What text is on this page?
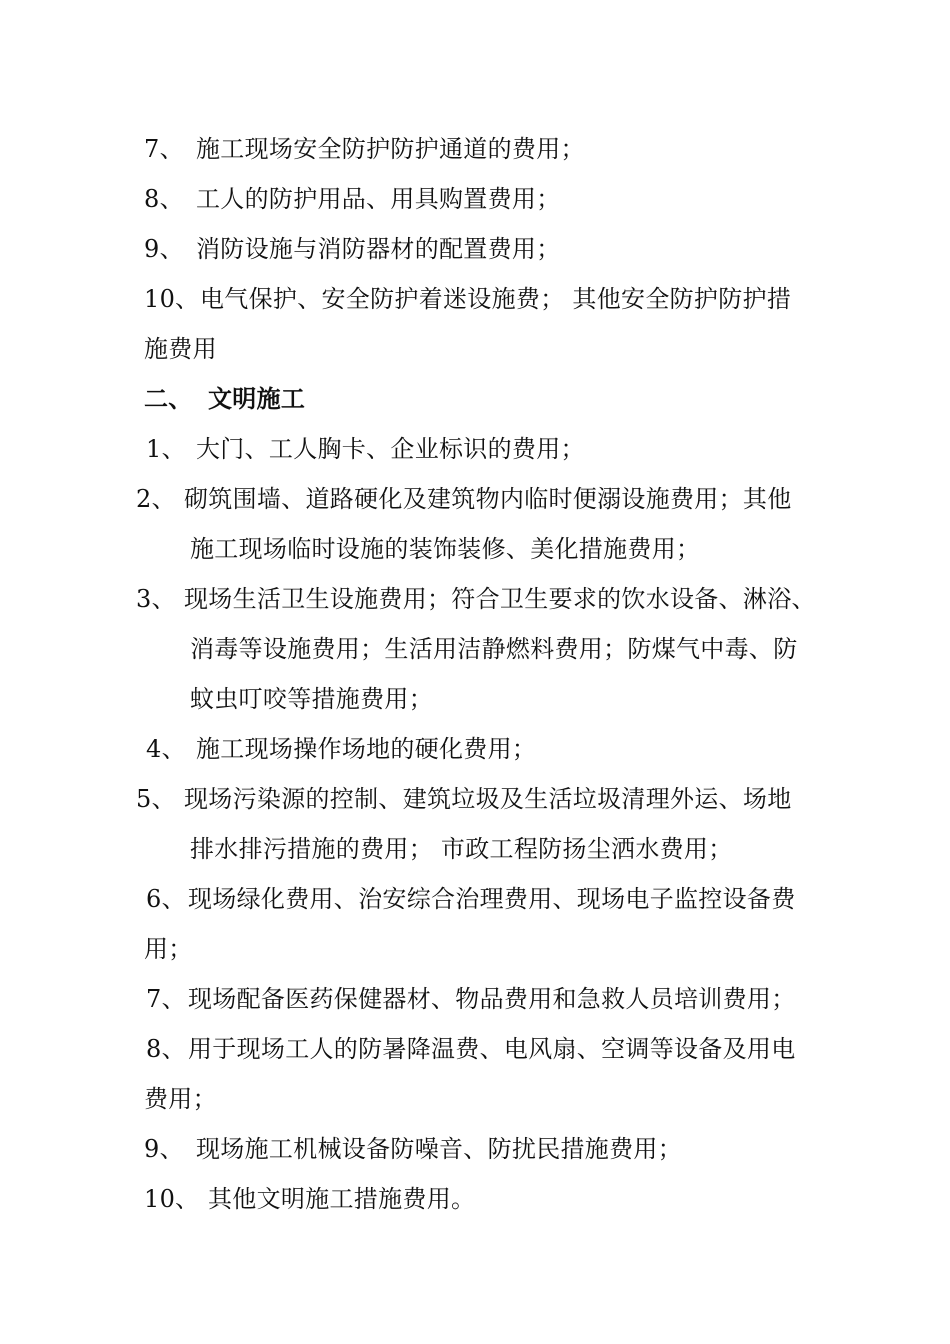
7、 施工现场安全防护防护通道的费用；
8、 工人的防护用品、用具购置费用；
9、 消防设施与消防器材的配置费用；
10、电气保护、安全防护着迷设施费； 其他安全防护防护措
施费用
二、 文明施工
1、 大门、工人胸卡、企业标识的费用；
2、 砌筑围墙、道路硬化及建筑物内临时便溺设施费用；其他
施工现场临时设施的装饰装修、美化措施费用；
3、 现场生活卫生设施费用；符合卫生要求的饮水设备、淋浴、
消毒等设施费用；生活用洁静燃料费用；防煤气中毒、防
蚊虫叮咬等措施费用；
4、 施工现场操作场地的硬化费用；
5、 现场污染源的控制、建筑垃圾及生活垃圾清理外运、场地
排水排污措施的费用； 市政工程防扬尘洒水费用；
6、现场绿化费用、治安综合治理费用、现场电子监控设备费
用；
7、现场配备医药保健器材、物品费用和急救人员培训费用；
8、用于现场工人的防暑降温费、电风扇、空调等设备及用电
费用；
9、 现场施工机械设备防噪音、防扰民措施费用；
10、 其他文明施工措施费用。
